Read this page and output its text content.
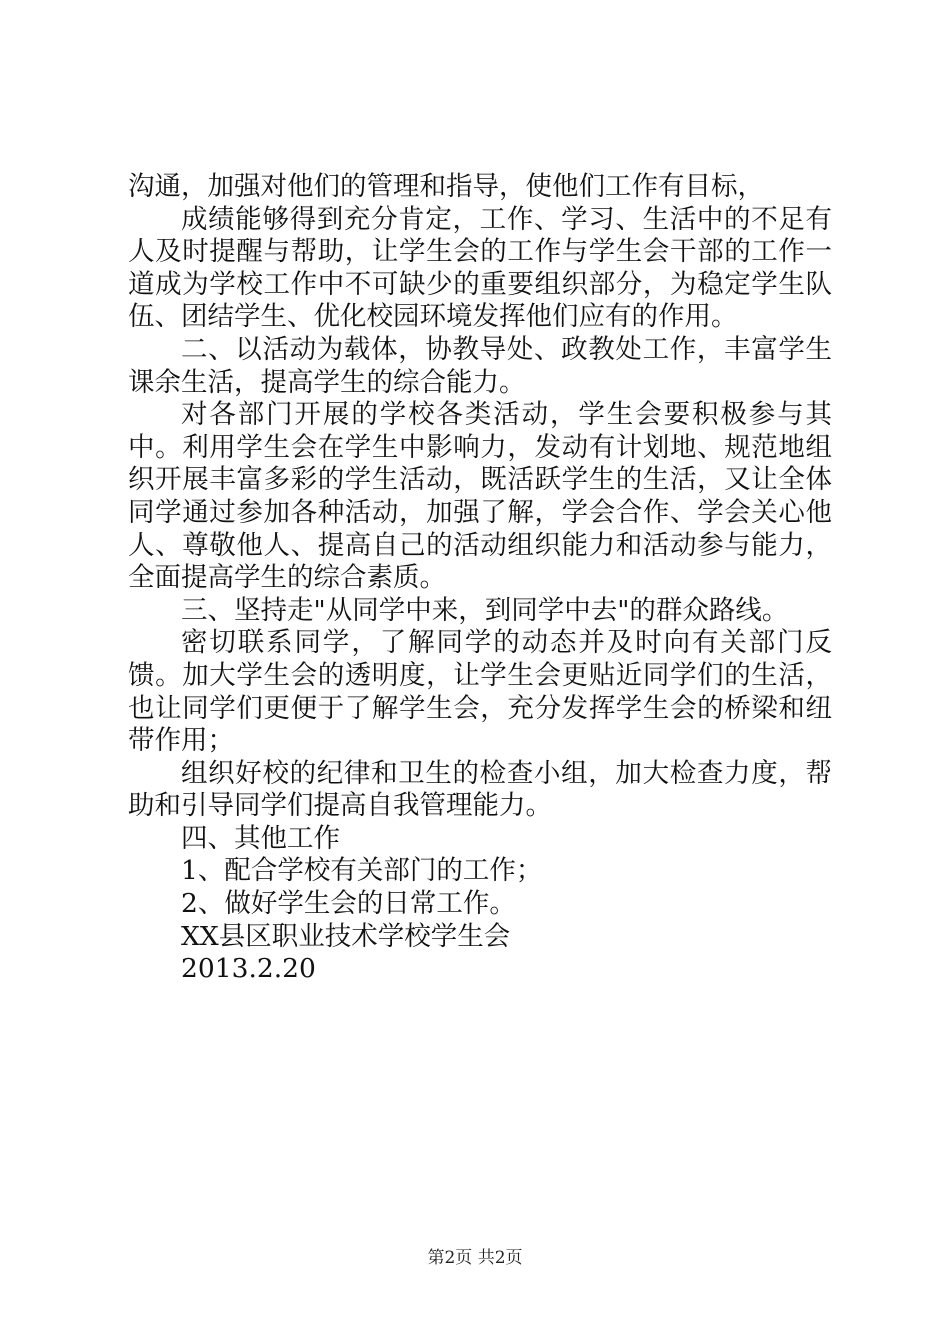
沟通，加强对他们的管理和指导，使他们工作有目标，

成绩能够得到充分肯定，工作、学习、生活中的不足有人及时提醒与帮助，让学生会的工作与学生会干部的工作一道成为学校工作中不可缺少的重要组织部分，为稳定学生队伍、团结学生、优化校园环境发挥他们应有的作用。

二、以活动为载体，协教导处、政教处工作，丰富学生课余生活，提高学生的综合能力。

对各部门开展的学校各类活动，学生会要积极参与其中。利用学生会在学生中影响力，发动有计划地、规范地组织开展丰富多彩的学生活动，既活跃学生的生活，又让全体同学通过参加各种活动，加强了解，学会合作、学会关心他人、尊敬他人、提高自己的活动组织能力和活动参与能力，全面提高学生的综合素质。

三、坚持走"从同学中来，到同学中去"的群众路线。

密切联系同学，了解同学的动态并及时向有关部门反馈。加大学生会的透明度，让学生会更贴近同学们的生活，也让同学们更便于了解学生会，充分发挥学生会的桥梁和纽带作用；

组织好校的纪律和卫生的检查小组，加大检查力度，帮助和引导同学们提高自我管理能力。

四、其他工作

1、配合学校有关部门的工作；

2、做好学生会的日常工作。

XX县区职业技术学校学生会

2013.2.20

第2页 共2页
